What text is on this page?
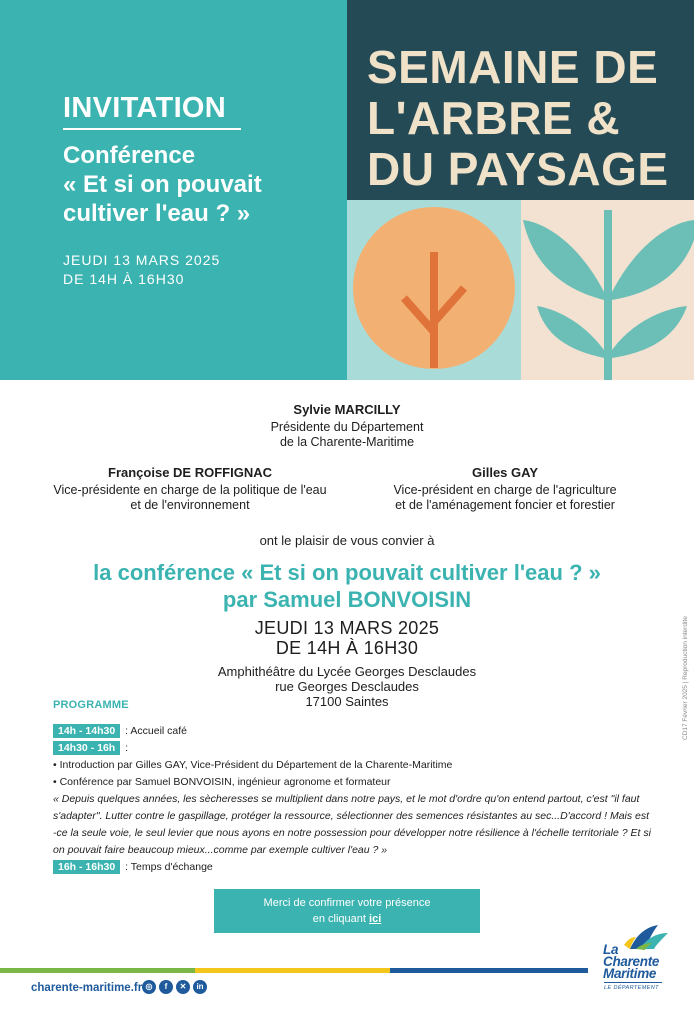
INVITATION
Conférence
« Et si on pouvait
cultiver l'eau ? »
JEUDI 13 MARS 2025
DE 14H À 16H30
SEMAINE DE
L'ARBRE &
DU PAYSAGE
Sylvie MARCILLY
Présidente du Département
de la Charente-Maritime
Françoise DE ROFFIGNAC
Vice-présidente en charge de la politique de l'eau
et de l'environnement
Gilles GAY
Vice-président en charge de l'agriculture
et de l'aménagement foncier et forestier
ont le plaisir de vous convier à
la conférence « Et si on pouvait cultiver l'eau ? »
par Samuel BONVOISIN
JEUDI 13 MARS 2025
DE 14H À 16H30
Amphithéâtre du Lycée Georges Desclaudes
rue Georges Desclaudes
17100 Saintes
PROGRAMME
14h - 14h30 : Accueil café
14h30 - 16h :
• Introduction par Gilles GAY, Vice-Président du Département de la Charente-Maritime
• Conférence par Samuel BONVOISIN, ingénieur agronome et formateur
« Depuis quelques années, les sècheresses se multiplient dans notre pays, et le mot d'ordre qu'on entend partout, c'est "il faut
s'adapter". Lutter contre le gaspillage, protéger la ressource, sélectionner des semences résistantes au sec...D'accord ! Mais est
-ce la seule voie, le seul levier que nous ayons en notre possession pour développer notre résilience à l'échelle territoriale ? Et si
on pouvait faire beaucoup mieux...comme par exemple cultiver l'eau ? »
16h - 16h30 : Temps d'échange
Merci de confirmer votre présence
en cliquant ici
CD17 Février 2025 | Reproduction interdite
charente-maritime.fr ◎	f	✕	in
La
Charente
Maritime
LE DÉPARTEMENT
